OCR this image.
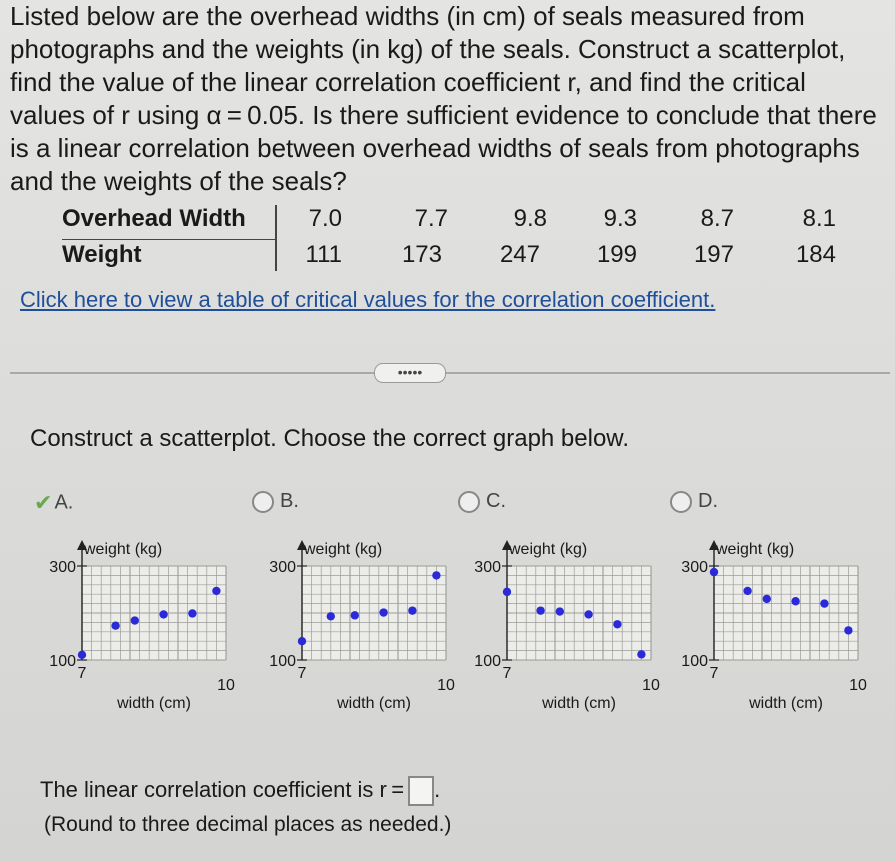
Listed below are the overhead widths (in cm) of seals measured from

photographs and the weights (in kg) of the seals. Construct a scatterplot,

find the value of the linear correlation coefficient r, and find the critical

values of r using α = 0.05. Is there sufficient evidence to conclude that there

is a linear correlation between overhead widths of seals from photographs

and the weights of the seals?

Overhead Width	7.0	7.7	9.8	9.3	8.7	8.1
Weight	111	173	247	199	197	184
Click here to view a table of critical values for the correlation coefficient.
•••••
Construct a scatterplot. Choose the correct graph below.
✔ A.	B.	C.	D.
300
100
weight (kg)
7
10
width (cm)
300
100
weight (kg)
7
10
width (cm)
300
100
weight (kg)
7
10
width (cm)
300
100
weight (kg)
7
10
width (cm)
The linear correlation coefficient is r = .
(Round to three decimal places as needed.)
